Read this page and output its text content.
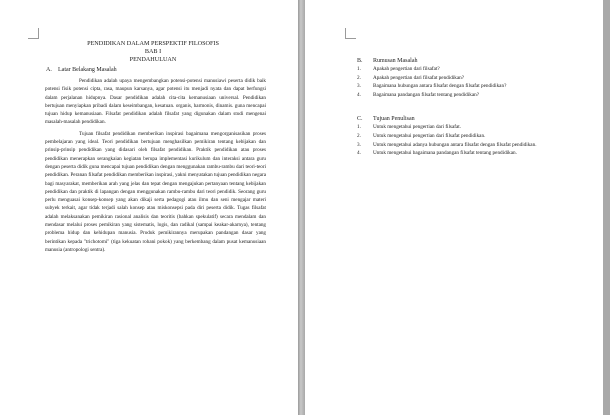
PENDIDIKAN DALAM PERSPEKTIF FILOSOFIS
BAB I
PENDAHULUAN
A. Latar Belakang Masalah

Pendidikan adalah upaya mengembangkan potensi-potensi manusiawi peserta didik baik potensi fisik potensi cipta, rasa, maupun karsanya, agar potensi itu menjadi nyata dan dapat berfungsi dalam perjalanan hidupnya. Dasar pendidikan adalah cita-cita kemanusiaan universal. Pendidikan bertujuan menyiapkan pribadi dalam keseimbangan, kesatuan. organis, harmonis, dinamis. guna mencapai tujuan hidup kemanusiaan. Filsafat pendidikan adalah filsafat yang digunakan dalam studi mengenai masalah-masalah pendidikan.

Tujuan filsafat pendidikan memberikan inspirasi bagaimana mengorganisasikan proses pembelajaran yang ideal. Teori pendidikan bertujuan menghasilkan pemikiran tentang kebijakan dan prinsip-prinsip pendidikan yang didasari oleh filsafat pendidikan. Praktik pendidikan atau proses pendidikan menerapkan serangkaian kegiatan berupa implementasi kurikulum dan interaksi antara guru dengan peserta didik guna mencapai tujuan pendidikan dengan menggunakan rambu-rambu dari teori-teori pendidikan. Peranan filsafat pendidikan memberikan inspirasi, yakni menyatakan tujuan pendidikan negara bagi masyarakat, memberikan arah yang jelas dan tepat dengan mengajukan pertanyaan tentang kebijakan pendidikan dan praktik di lapangan dengan menggunakan rambu-rambu dari teori pendidik. Seorang guru perlu menguasai konsep-konsep yang akan dikaji serta pedagogi atau ilmu dan seni mengajar materi subyek terkait, agar tidak terjadi salah konsep atau miskonsepsi pada diri peserta didik. Tugas filsafat adalah melaksanakan pemikiran rasional analisis dan teoritis (bahkan spekulatif) secara mendalam dan mendasar melalui proses pemikiran yang sistematis, logis, dan radikal (sampai keakar-akarnya), tentang problema hidup dan kehidupan manusia. Produk pemikirannya merupakan pandangan dasar yang berintikan kepada "trichotomi" (tiga kekuatan rohani pokok) yang berkembang dalam pusat kemanusiaan manusia (antropologi sentra).

B. Rumusan Masalah
1. Apakah pengertian dari filsafat?
2. Apakah pengertian dari filsafat pendidikan?
3. Bagaimana hubungan antara filsafat dengan filsafat pendidikan?
4. Bagaimana pandangan filsafat tentang pendidikan?
C. Tujuan Penulisan
1. Untuk mengetahui pengertian dari filsafat.
2. Untuk mengetahui pengertian dari filsafat pendidikan.
3. Untuk mengetahui adanya hubungan antara filsafat dengan filsafat pendidikan.
4. Untuk mengetahui bagaimana pandangan filsafat tentang pendidikan.
